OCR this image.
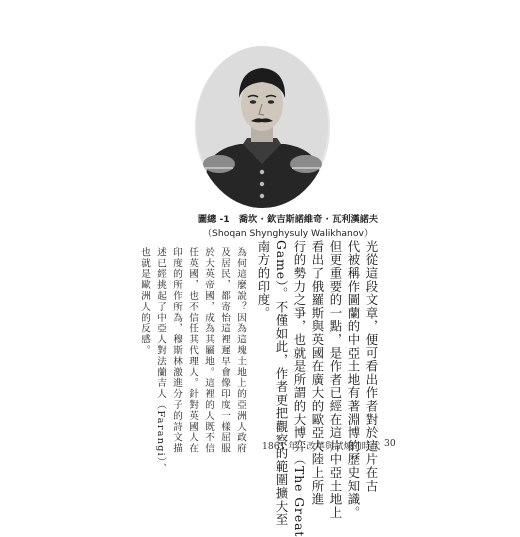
圖總 -1　喬坎 · 欽吉斯諾維奇 · 瓦利漢諾夫
（Shoqan Shynghysuly Walikhanov）
光從這段文章，便可看出作者對於這片在古
代被稱作圖蘭的中亞土地有著淵博的歷史知識。
但更重要的一點，是作者已經在這片中亞土地上
看出了俄羅斯與英國在廣大的歐亞大陸上所進
行的勢力之爭，也就是所謂的大博弈（The Great
Game）。不僅如此，作者更把觀察的範圍擴大至
南方的印度。
為何這麼說？因為這塊土地上的亞洲人政府
及居民，都寄怡這裡遲早會像印度一樣屈服
於大英帝國，成為其屬地。這裡的人既不信
任英國，也不信任其代理人。針對英國人在
印度的所作所為，穆斯林激進分子的詩文描
述已經挑起了中亞人對法蘭吉人（Farangi）、
也就是歐洲人的反感。
1861 年　改革與試煉的時代 30
